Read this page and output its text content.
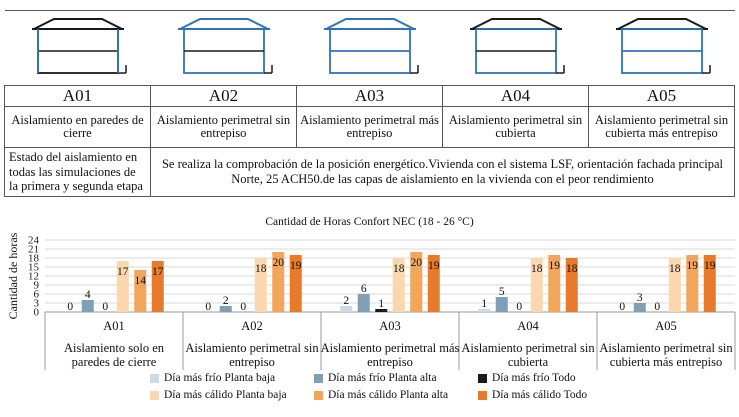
A01	A02	A03	A04	A05
Aislamiento en paredes de cierre	Aislamiento perimetral sin entrepiso	Aislamiento perimetral más entrepiso	Aislamiento perimetral sin cubierta	Aislamiento perimetral sin cubierta más entrepiso
Estado del aislamiento en todas las simulaciones de la primera y segunda etapa	Se realiza la comprobación de la posición energético.Vivienda con el sistema LSF, orientación fachada principal Norte, 25 ACH50.de las capas de aislamiento en la vivienda con el peor rendimiento			
Cantidad de Horas Confort NEC (18 - 26 °C)
0
3
6
9
12
15
18
21
24
Cantidad de horas
A01
Aislamiento solo en
paredes de cierre
A02
Aislamiento perimetral sin
entrepiso
A03
Aislamiento perimetral más
entrepiso
A04
Aislamiento perimetral sin
cubierta
A05
Aislamiento perimetral sin
cubierta más entrepiso
0
4
0
17
14
17
0 2 0
18 20 19
2
6
1
18 20 19
1
5
0
18 19 18
0
3
0
18 19 19
Día más frío Planta baja	Día más frío Planta alta	Día más frío Todo
Día más cálido Planta baja	Día más cálido Planta alta	Día más cálido Todo
